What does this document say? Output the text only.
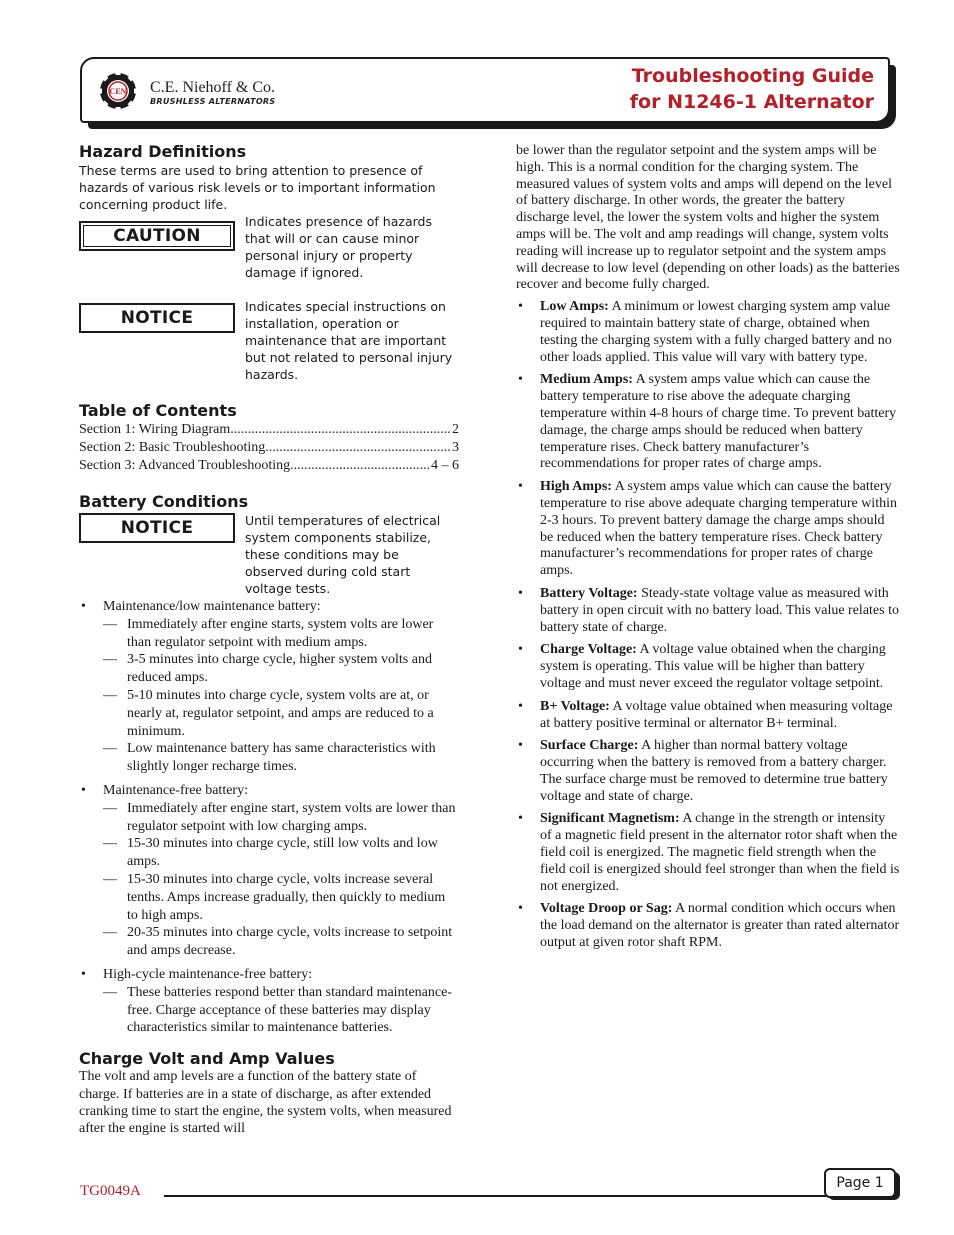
CEN C.E. Niehoff & Co.
BRUSHLESS ALTERNATORS
Troubleshooting Guide
for N1246-1 Alternator
Hazard Definitions
These terms are used to bring attention to presence of hazards of various risk levels or to important information concerning product life.
CAUTION
Indicates presence of hazards that will or can cause minor personal injury or property damage if ignored.
NOTICE
Indicates special instructions on installation, operation or maintenance that are important but not related to personal injury hazards.
Table of Contents
Section 1: Wiring Diagram .....	2
Section 2: Basic Troubleshooting .....	3
Section 3: Advanced Troubleshooting .....	4 – 6
Battery Conditions
NOTICE	Until temperatures of electrical system components stabilize, these conditions may be observed during cold start voltage tests.
• Maintenance/low maintenance battery:
— Immediately after engine starts, system volts are lower than regulator setpoint with medium amps.
— 3-5 minutes into charge cycle, higher system volts and reduced amps.
— 5-10 minutes into charge cycle, system volts are at, or nearly at, regulator setpoint, and amps are reduced to a minimum.
— Low maintenance battery has same characteristics with slightly longer recharge times.
• Maintenance-free battery:
— Immediately after engine start, system volts are lower than regulator setpoint with low charging amps.
— 15-30 minutes into charge cycle, still low volts and low amps.
— 15-30 minutes into charge cycle, volts increase several tenths. Amps increase gradually, then quickly to medium to high amps.
— 20-35 minutes into charge cycle, volts increase to setpoint and amps decrease.
• High-cycle maintenance-free battery:
— These batteries respond better than standard maintenance-free. Charge acceptance of these batteries may display characteristics similar to maintenance batteries.
Charge Volt and Amp Values
The volt and amp levels are a function of the battery state of charge. If batteries are in a state of discharge, as after extended cranking time to start the engine, the system volts, when measured after the engine is started will
be lower than the regulator setpoint and the system amps will be high. This is a normal condition for the charging system. The measured values of system volts and amps will depend on the level of battery discharge. In other words, the greater the battery discharge level, the lower the system volts and higher the system amps will be. The volt and amp readings will change, system volts reading will increase up to regulator setpoint and the system amps will decrease to low level (depending on other loads) as the batteries recover and become fully charged.
• Low Amps: A minimum or lowest charging system amp value required to maintain battery state of charge, obtained when testing the charging system with a fully charged battery and no other loads applied. This value will vary with battery type.
• Medium Amps: A system amps value which can cause the battery temperature to rise above the adequate charging temperature within 4-8 hours of charge time. To prevent battery damage, the charge amps should be reduced when battery temperature rises. Check battery manufacturer’s recommendations for proper rates of charge amps.
• High Amps: A system amps value which can cause the battery temperature to rise above adequate charging temperature within 2-3 hours. To prevent battery damage the charge amps should be reduced when the battery temperature rises. Check battery manufacturer’s recommendations for proper rates of charge amps.
• Battery Voltage: Steady-state voltage value as measured with battery in open circuit with no battery load. This value relates to battery state of charge.
• Charge Voltage: A voltage value obtained when the charging system is operating. This value will be higher than battery voltage and must never exceed the regulator voltage setpoint.
• B+ Voltage: A voltage value obtained when measuring voltage at battery positive terminal or alternator B+ terminal.
• Surface Charge: A higher than normal battery voltage occurring when the battery is removed from a battery charger. The surface charge must be removed to determine true battery voltage and state of charge.
• Significant Magnetism: A change in the strength or intensity of a magnetic field present in the alternator rotor shaft when the field coil is energized. The magnetic field strength when the field coil is energized should feel stronger than when the field is not energized.
• Voltage Droop or Sag: A normal condition which occurs when the load demand on the alternator is greater than rated alternator output at given rotor shaft RPM.
TG0049A	Page 1
